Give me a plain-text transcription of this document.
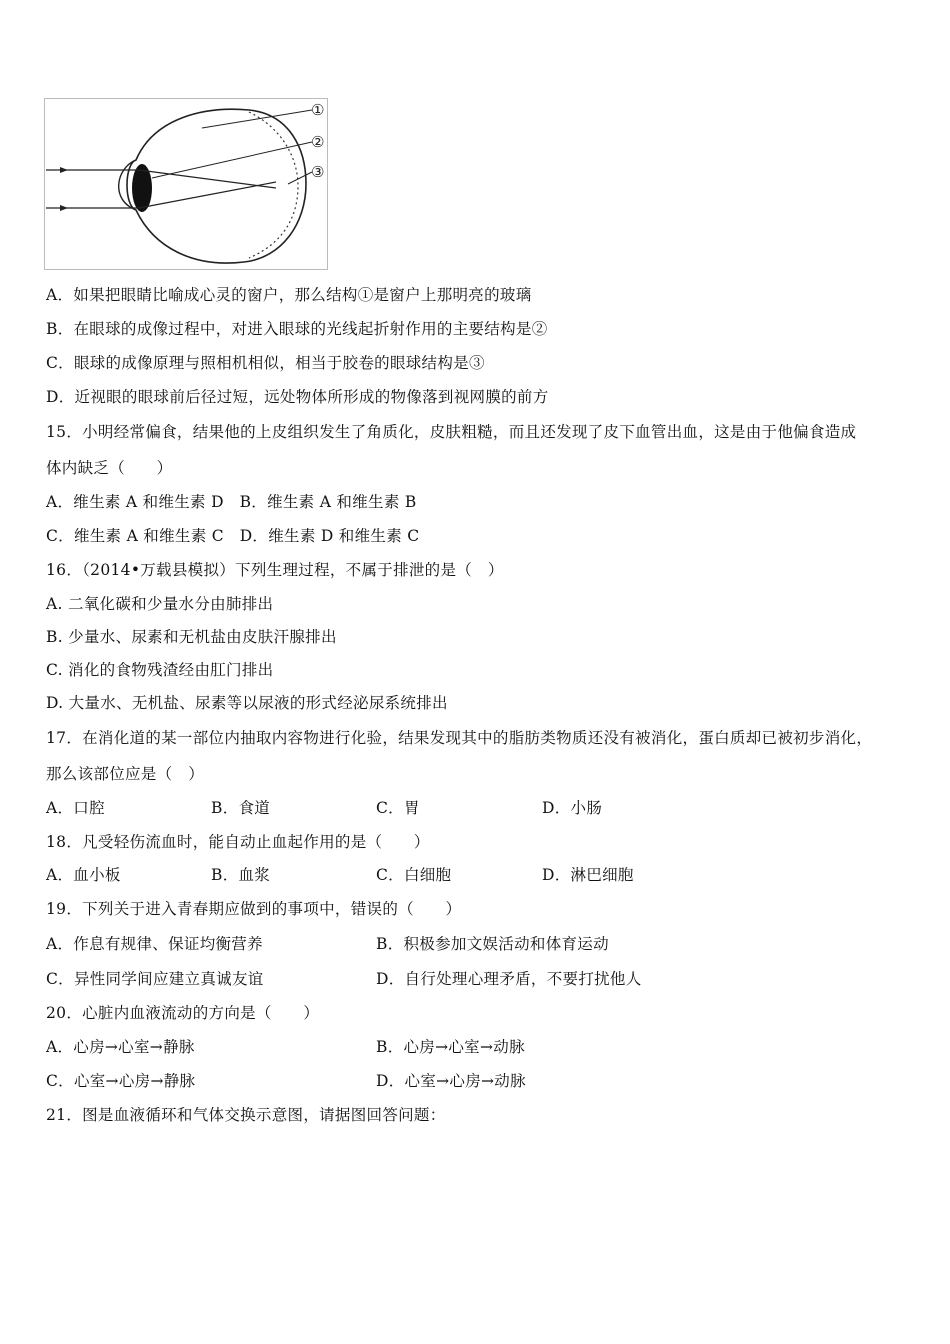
①
②
③
A．如果把眼睛比喻成心灵的窗户，那么结构①是窗户上那明亮的玻璃
B．在眼球的成像过程中，对进入眼球的光线起折射作用的主要结构是②
C．眼球的成像原理与照相机相似，相当于胶卷的眼球结构是③
D．近视眼的眼球前后径过短，远处物体所形成的物像落到视网膜的前方
15．小明经常偏食，结果他的上皮组织发生了角质化，皮肤粗糙，而且还发现了皮下血管出血，这是由于他偏食造成
体内缺乏（　　）
A．维生素 A 和维生素 D　B．维生素 A 和维生素 B
C．维生素 A 和维生素 C　D．维生素 D 和维生素 C
16．（2014•万载县模拟）下列生理过程，不属于排泄的是（　）
A. 二氧化碳和少量水分由肺排出
B. 少量水、尿素和无机盐由皮肤汗腺排出
C. 消化的食物残渣经由肛门排出
D. 大量水、无机盐、尿素等以尿液的形式经泌尿系统排出
17．在消化道的某一部位内抽取内容物进行化验，结果发现其中的脂肪类物质还没有被消化，蛋白质却已被初步消化，
那么该部位应是（　）
A．口腔	B．食道	C．胃	D．小肠
18．凡受轻伤流血时，能自动止血起作用的是（　　）
A．血小板	B．血浆	C．白细胞	D．淋巴细胞
19．下列关于进入青春期应做到的事项中，错误的（　　）
A．作息有规律、保证均衡营养	B．积极参加文娱活动和体育运动
C．异性同学间应建立真诚友谊	D．自行处理心理矛盾，不要打扰他人
20．心脏内血液流动的方向是（　　）
A．心房→心室→静脉	B．心房→心室→动脉
C．心室→心房→静脉	D．心室→心房→动脉
21．图是血液循环和气体交换示意图，请据图回答问题：
